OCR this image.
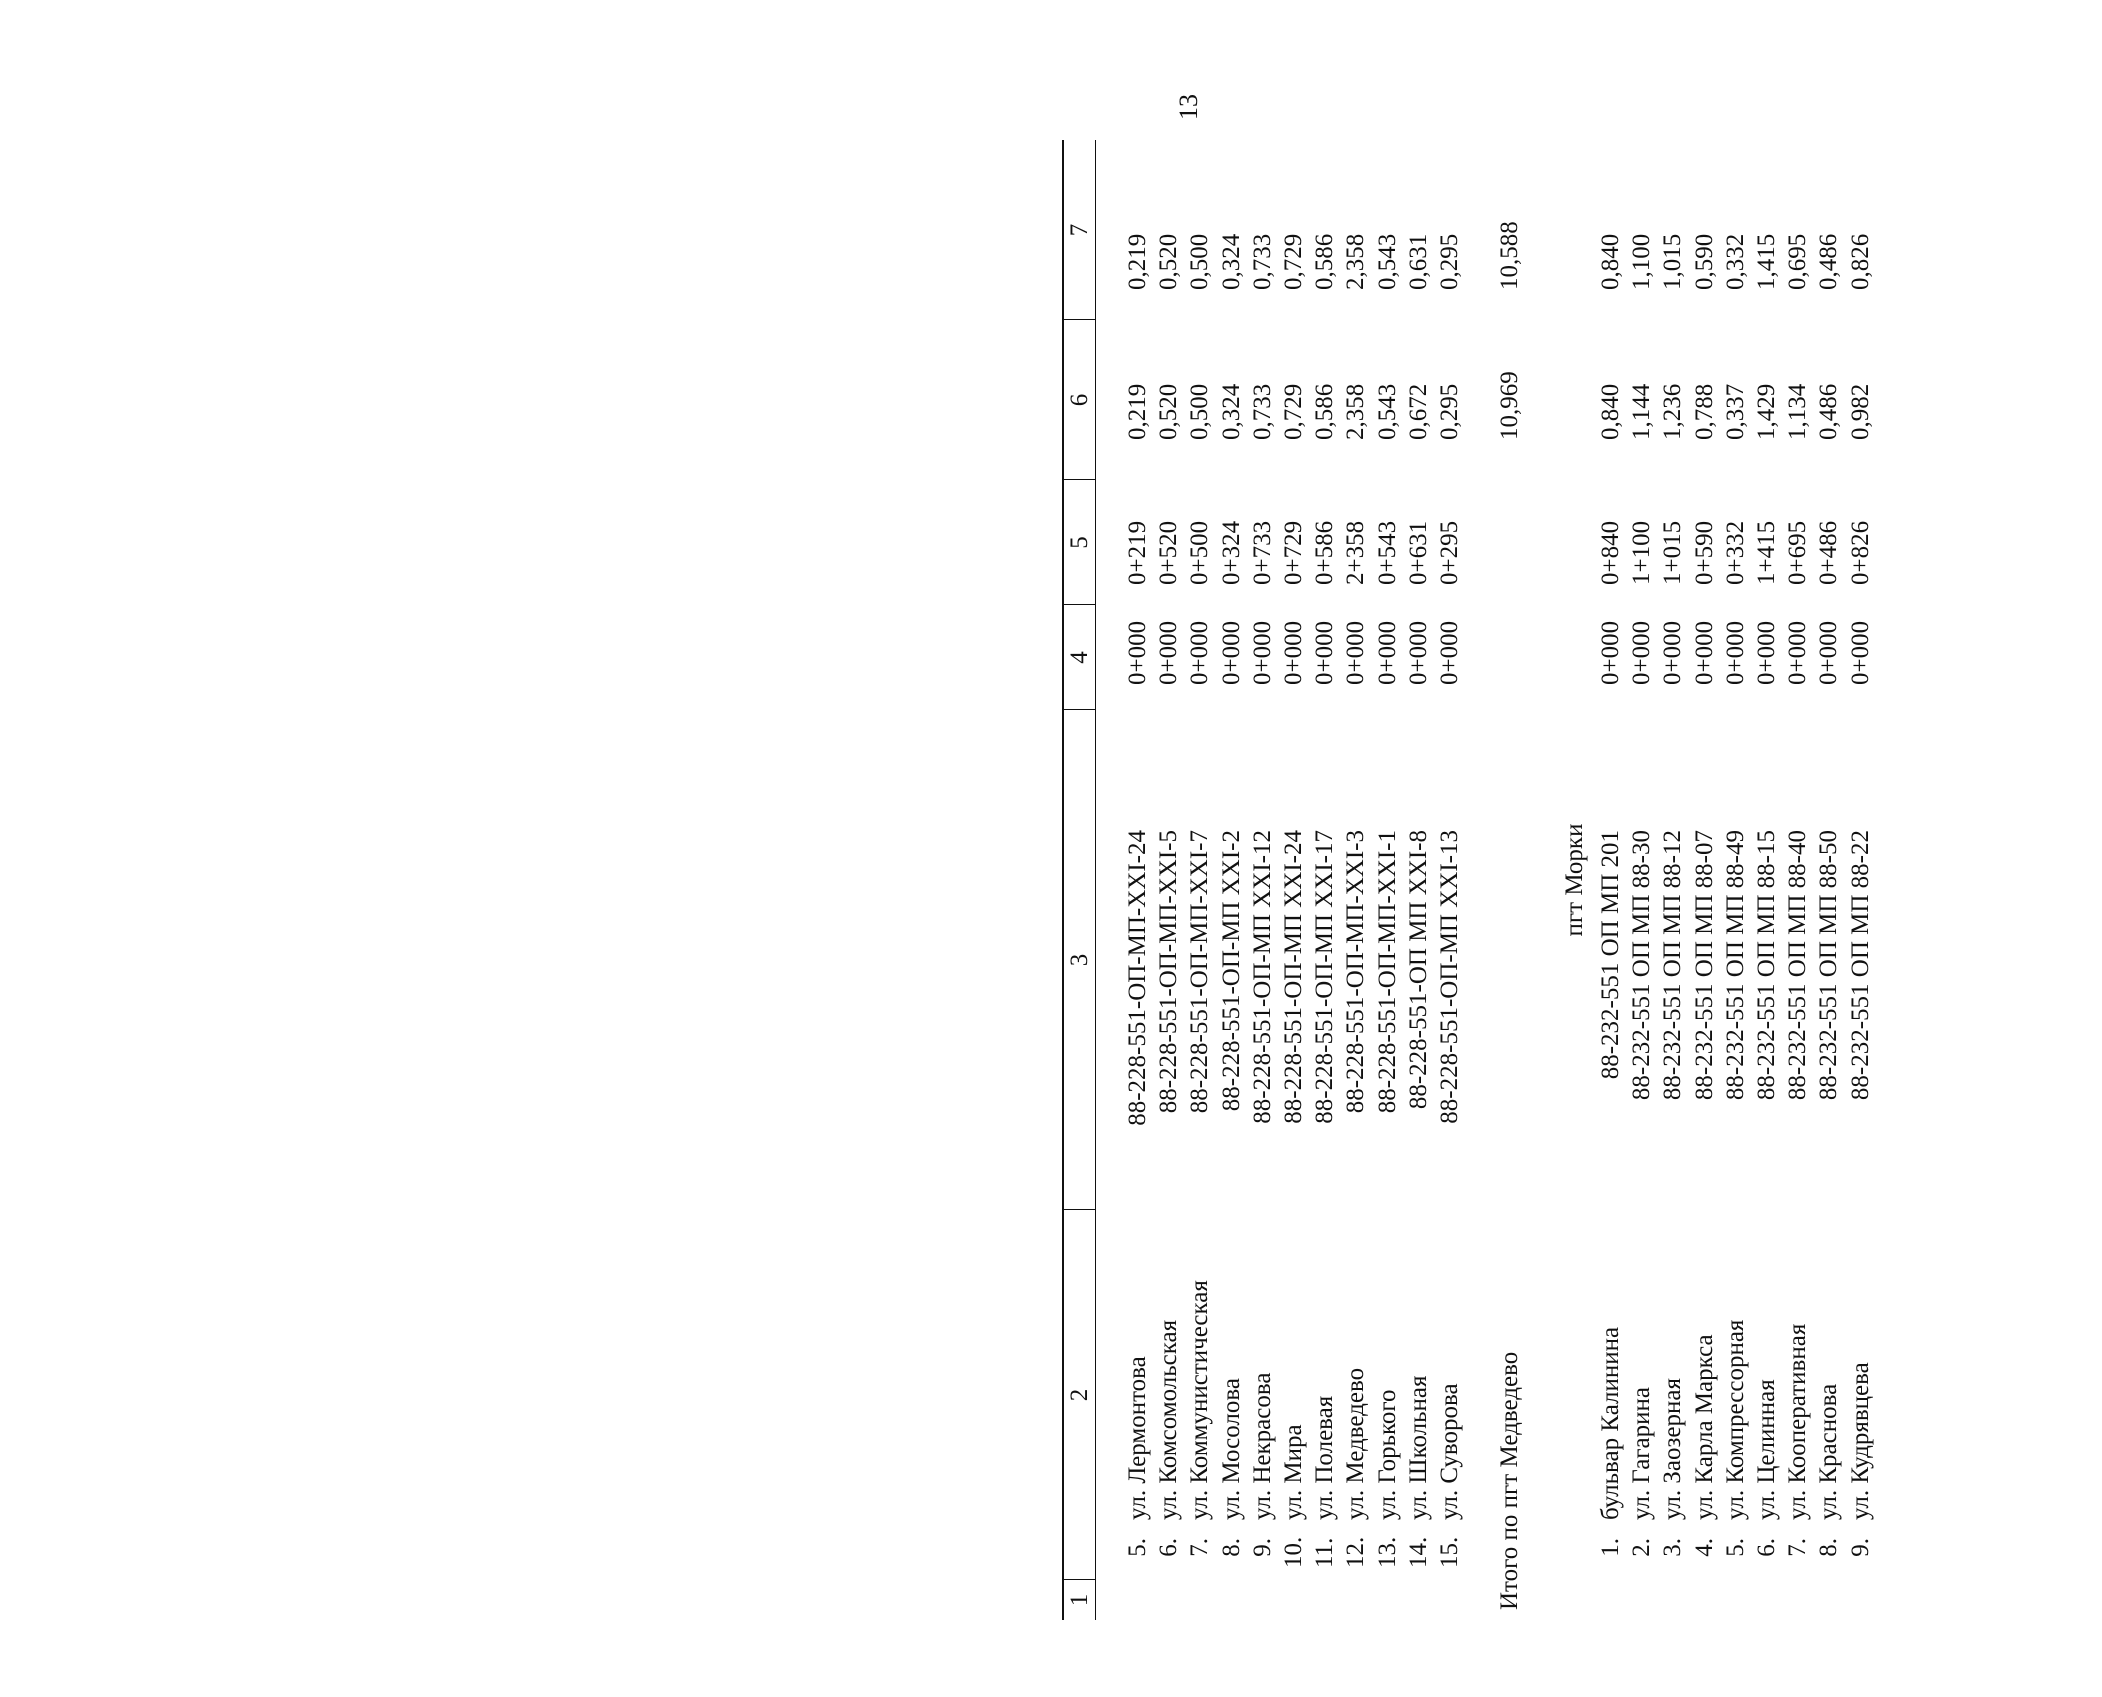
13
1
2
3
4
5
6
7
5.
ул. Лермонтова
88-228-551-ОП-МП-XXI-24
0+000
0+219
0,219
0,219
6.
ул. Комсомольская
88-228-551-ОП-МП-XXI-5
0+000
0+520
0,520
0,520
7.
ул. Коммунистическая
88-228-551-ОП-МП-XXI-7
0+000
0+500
0,500
0,500
8.
ул. Мосолова
88-228-551-ОП-МП XXI-2
0+000
0+324
0,324
0,324
9.
ул. Некрасова
88-228-551-ОП-МП XXI-12
0+000
0+733
0,733
0,733
10.
ул. Мира
88-228-551-ОП-МП XXI-24
0+000
0+729
0,729
0,729
11.
ул. Полевая
88-228-551-ОП-МП XXI-17
0+000
0+586
0,586
0,586
12.
ул. Медведево
88-228-551-ОП-МП-XXI-3
0+000
2+358
2,358
2,358
13.
ул. Горького
88-228-551-ОП-МП-XXI-1
0+000
0+543
0,543
0,543
14.
ул. Школьная
88-228-551-ОП МП XXI-8
0+000
0+631
0,672
0,631
15.
ул. Суворова
88-228-551-ОП-МП XXI-13
0+000
0+295
0,295
0,295
Итого по пгт Медведево
10,969
10,588
пгт Морки
1.
бульвар Калинина
88-232-551 ОП МП 201
0+000
0+840
0,840
0,840
2.
ул. Гагарина
88-232-551 ОП МП 88-30
0+000
1+100
1,144
1,100
3.
ул. Заозерная
88-232-551 ОП МП 88-12
0+000
1+015
1,236
1,015
4.
ул. Карла Маркса
88-232-551 ОП МП 88-07
0+000
0+590
0,788
0,590
5.
ул. Компрессорная
88-232-551 ОП МП 88-49
0+000
0+332
0,337
0,332
6.
ул. Целинная
88-232-551 ОП МП 88-15
0+000
1+415
1,429
1,415
7.
ул. Кооперативная
88-232-551 ОП МП 88-40
0+000
0+695
1,134
0,695
8.
ул. Краснова
88-232-551 ОП МП 88-50
0+000
0+486
0,486
0,486
9.
ул. Кудрявцева
88-232-551 ОП МП 88-22
0+000
0+826
0,982
0,826
